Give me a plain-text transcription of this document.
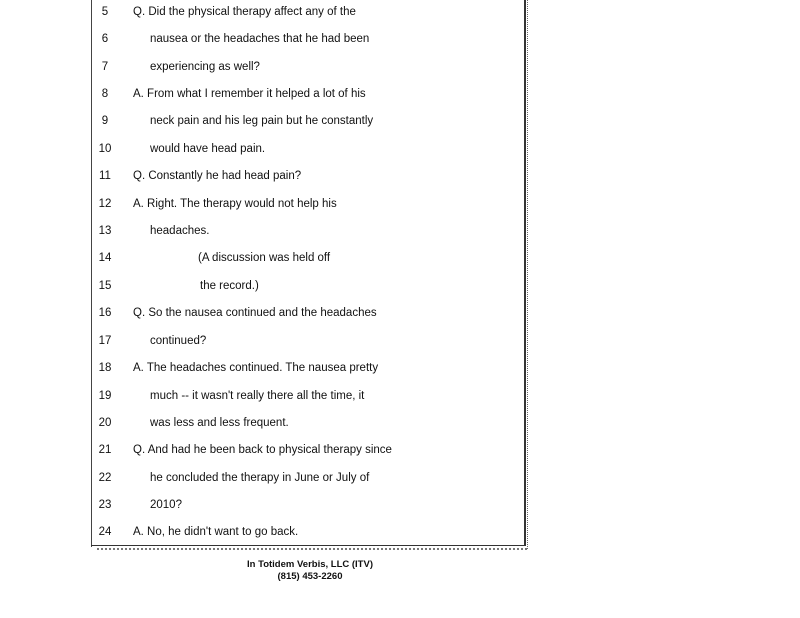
5	Q. Did the physical therapy affect any of the
6	nausea or the headaches that he had been
7	experiencing as well?
8	A. From what I remember it helped a lot of his
9	neck pain and his leg pain but he constantly
10	would have head pain.
11	Q. Constantly he had head pain?
12	A. Right. The therapy would not help his
13	headaches.
14	(A discussion was held off
15	the record.)
16	Q. So the nausea continued and the headaches
17	continued?
18	A. The headaches continued. The nausea pretty
19	much -- it wasn't really there all the time, it
20	was less and less frequent.
21	Q. And had he been back to physical therapy since
22	he concluded the therapy in June or July of
23	2010?
24	A. No, he didn't want to go back.
In Totidem Verbis, LLC (ITV)
(815) 453-2260
